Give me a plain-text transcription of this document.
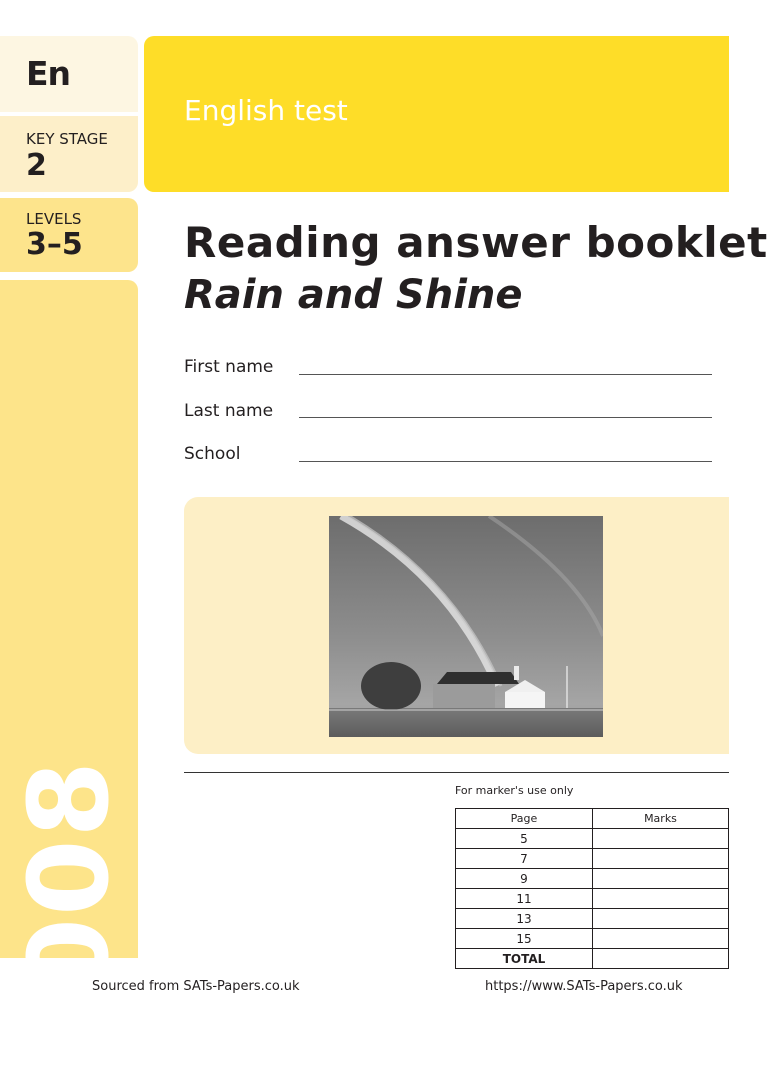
En
KEY STAGE
2
LEVELS
3–5
2008
English test
Reading answer booklet
Rain and Shine
First name
Last name
School
For marker's use only
Page	Marks
5	
7	
9	
11	
13	
15	
TOTAL	
Sourced from SATs-Papers.co.uk	https://www.SATs-Papers.co.uk
